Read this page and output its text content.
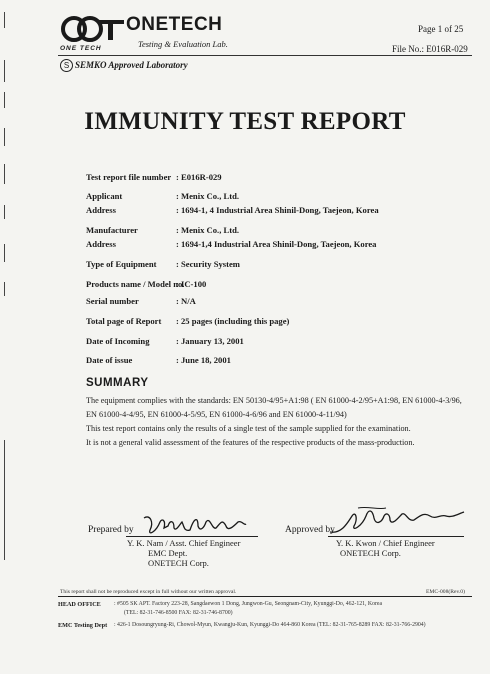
ONE TECH
ONETECH
Testing & Evaluation Lab.
Page 1 of 25
File No.: E016R-029
S SEMKO Approved Laboratory
IMMUNITY TEST REPORT
Test report file number : E016R-029
Applicant	: Menix Co., Ltd.
Address	: 1694-1, 4 Industrial Area Shinil-Dong, Taejeon, Korea
Manufacturer	: Menix Co., Ltd.
Address	: 1694-1,4 Industrial Area Shinil-Dong, Taejeon, Korea
Type of Equipment : Security System
Products name / Model no.
: IC-100
Serial number	: N/A
Total page of Report : 25 pages (including this page)
Date of Incoming	: January 13, 2001
Date of issue	: June 18, 2001
SUMMARY
The equipment complies with the standards: EN 50130-4/95+A1:98 ( EN 61000-4-2/95+A1:98, EN 61000-4-3/96,
EN 61000-4-4/95, EN 61000-4-5/95, EN 61000-4-6/96 and EN 61000-4-11/94)
This test report contains only the results of a single test of the sample supplied for the examination.
It is not a general valid assessment of the features of the respective products of the mass-production.
Prepared by
Y. K. Nam / Asst. Chief Engineer
EMC Dept.
ONETECH Corp.
Approved by
Y. K. Kwon / Chief Engineer
ONETECH Corp.
This report shall not be reproduced except in full without our written approval.	EMC-008(Rev.0)
HEAD OFFICE : #505 SK APT. Factory 223-28, Sangdaewon 1 Dong, Jungwon-Gu, Seongnam-City, Kyunggi-Do, 462-121, Korea
(TEL: 82-31-746-8500 FAX: 82-31-746-8700)
EMC Testing Dept : 426-1 Dosoungryung-Ri, Chowol-Myun, Kwangju-Kun, Kyunggi-Do 464-860 Korea (TEL: 82-31-765-8289 FAX: 82-31-766-2904)
